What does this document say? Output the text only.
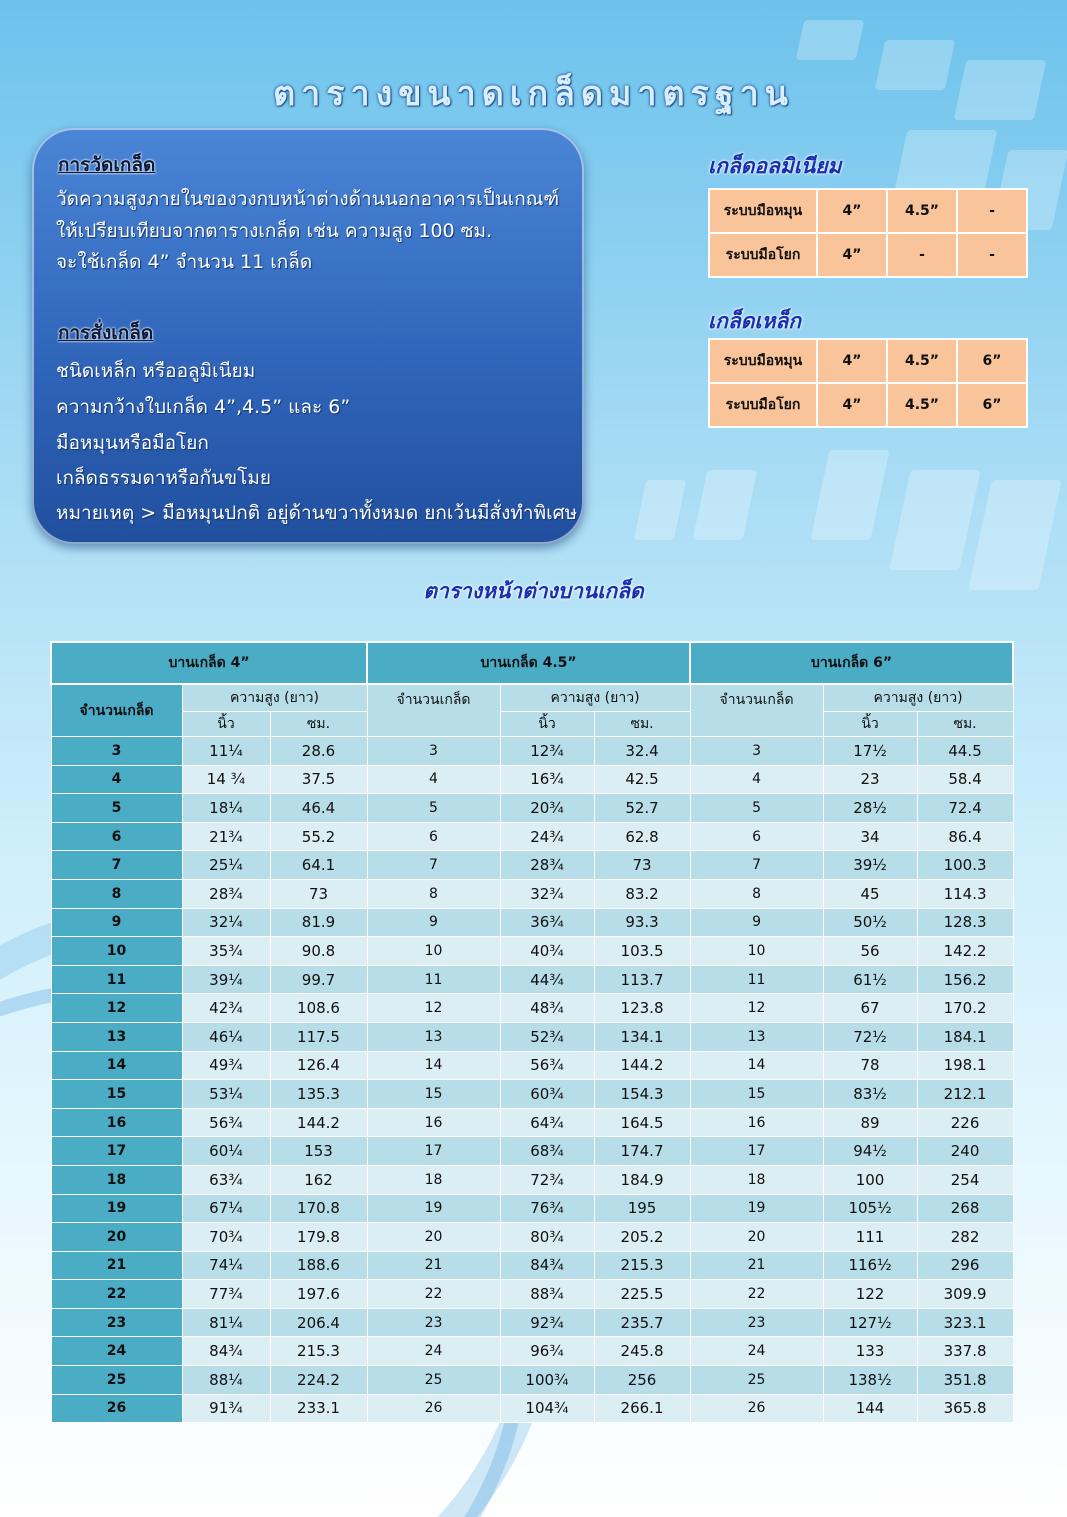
ตารางขนาดเกล็ดมาตรฐาน
การวัดเกล็ด
วัดความสูงภายในของวงกบหน้าต่างด้านนอกอาคารเป็นเกณฑ์
ให้เปรียบเทียบจากตารางเกล็ด เช่น ความสูง 100 ซม.
จะใช้เกล็ด 4” จำนวน 11 เกล็ด
การสั่งเกล็ด
ชนิดเหล็ก หรืออลูมิเนียม
ความกว้างใบเกล็ด 4”,4.5” และ 6”
มือหมุนหรือมือโยก
เกล็ดธรรมดาหรือกันขโมย
หมายเหตุ > มือหมุนปกติ อยู่ด้านขวาทั้งหมด ยกเว้นมีสั่งทำพิเศษ
เกล็ดอลมิเนียม
ระบบมือหมุน	4”	4.5”	-
ระบบมือโยก	4”	-	-
เกล็ดเหล็ก
ระบบมือหมุน	4”	4.5”	6”
ระบบมือโยก	4”	4.5”	6”
ตารางหน้าต่างบานเกล็ด
บานเกล็ด 4”			บานเกล็ด 4.5”			บานเกล็ด 6”		
จำนวนเกล็ด	ความสูง (ยาว)		จำนวนเกล็ด	ความสูง (ยาว)		จำนวนเกล็ด	ความสูง (ยาว)	
	นิ้ว	ซม.		นิ้ว	ซม.		นิ้ว	ซม.
3	11¼	28.6	3	12¾	32.4	3	17½	44.5
4	14 ¾	37.5	4	16¾	42.5	4	23	58.4
5	18¼	46.4	5	20¾	52.7	5	28½	72.4
6	21¾	55.2	6	24¾	62.8	6	34	86.4
7	25¼	64.1	7	28¾	73	7	39½	100.3
8	28¾	73	8	32¾	83.2	8	45	114.3
9	32¼	81.9	9	36¾	93.3	9	50½	128.3
10	35¾	90.8	10	40¾	103.5	10	56	142.2
11	39¼	99.7	11	44¾	113.7	11	61½	156.2
12	42¾	108.6	12	48¾	123.8	12	67	170.2
13	46¼	117.5	13	52¾	134.1	13	72½	184.1
14	49¾	126.4	14	56¾	144.2	14	78	198.1
15	53¼	135.3	15	60¾	154.3	15	83½	212.1
16	56¾	144.2	16	64¾	164.5	16	89	226
17	60¼	153	17	68¾	174.7	17	94½	240
18	63¾	162	18	72¾	184.9	18	100	254
19	67¼	170.8	19	76¾	195	19	105½	268
20	70¾	179.8	20	80¾	205.2	20	111	282
21	74¼	188.6	21	84¾	215.3	21	116½	296
22	77¾	197.6	22	88¾	225.5	22	122	309.9
23	81¼	206.4	23	92¾	235.7	23	127½	323.1
24	84¾	215.3	24	96¾	245.8	24	133	337.8
25	88¼	224.2	25	100¾	256	25	138½	351.8
26	91¾	233.1	26	104¾	266.1	26	144	365.8
